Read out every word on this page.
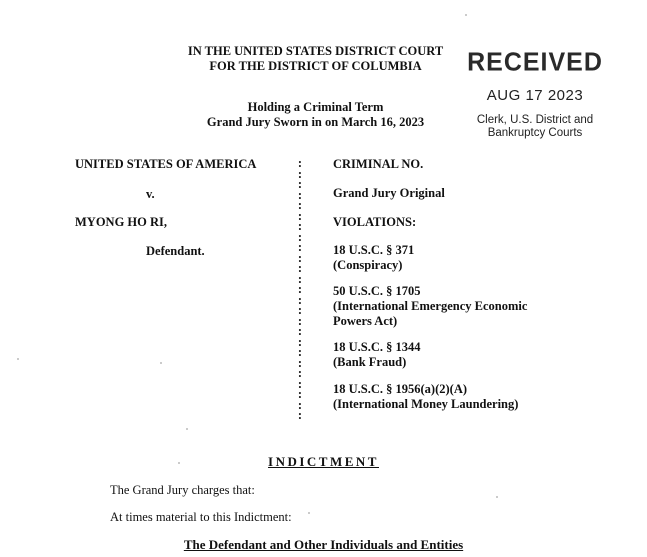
IN THE UNITED STATES DISTRICT COURT
FOR THE DISTRICT OF COLUMBIA
Holding a Criminal Term
Grand Jury Sworn in on March 16, 2023
RECEIVED
AUG 17 2023
Clerk, U.S. District and
Bankruptcy Courts
UNITED STATES OF AMERICA
v.
MYONG HO RI,
Defendant.
:
:
:
:
:
:
:
:
:
:
:
:
:
:
:
:
:
:
:
:
:
:
:
:
:
CRIMINAL NO.
Grand Jury Original
VIOLATIONS:
18 U.S.C. § 371
(Conspiracy)
50 U.S.C. § 1705
(International Emergency Economic
Powers Act)
18 U.S.C. § 1344
(Bank Fraud)
18 U.S.C. § 1956(a)(2)(A)
(International Money Laundering)
INDICTMENT
The Grand Jury charges that:
At times material to this Indictment:
The Defendant and Other Individuals and Entities
